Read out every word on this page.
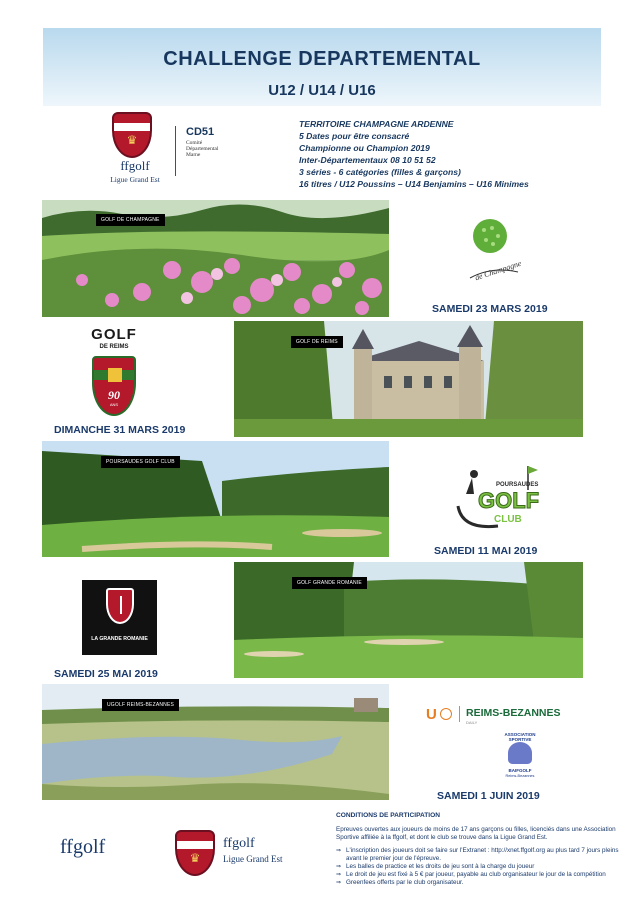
CHALLENGE DEPARTEMENTAL
U12 / U14 / U16
♛
ffgolf
Ligue Grand Est
CD51
Comité
Départemental
Marne
TERRITOIRE CHAMPAGNE ARDENNE
5 Dates pour être consacré
Championne ou Champion 2019
Inter-Départementaux 08 10 51 52
3 séries - 6 catégories (filles & garçons)
16 titres / U12 Poussins – U14 Benjamins – U16 Minimes
GOLF DE CHAMPAGNE
de Champagne
SAMEDI 23 MARS 2019
GOLF
DE REIMS
90
ANS
DIMANCHE 31 MARS 2019
GOLF DE REIMS
POURSAUDES GOLF CLUB
POURSAUDES
GOLF
CLUB
SAMEDI 11 MAI 2019
LA GRANDE ROMANIE
SAMEDI 25 MAI 2019
GOLF GRANDE ROMANIE
UGOLF REIMS-BEZANNES
U	REIMS-BEZANNES
DAILY
ASSOCIATION SPORTIVE
BAIFGOLF
Reims-Bezannes
SAMEDI 1 JUIN 2019
ffgolf
♛
ffgolf
Ligue Grand Est
CONDITIONS DE PARTICIPATION
Epreuves ouvertes aux joueurs de moins de 17 ans garçons ou filles, licenciés dans une Association Sportive affiliée à la ffgolf, et dont le club se trouve dans la Ligue Grand Est.
⇒ L'inscription des joueurs doit se faire sur l'Extranet : http://xnet.ffgolf.org au plus tard 7 jours pleins avant le premier jour de l'épreuve.
⇒ Les balles de practice et les droits de jeu sont à la charge du joueur
⇒ Le droit de jeu est fixé à 5 € par joueur, payable au club organisateur le jour de la compétition
⇒ Greenfees offerts par le club organisateur.
